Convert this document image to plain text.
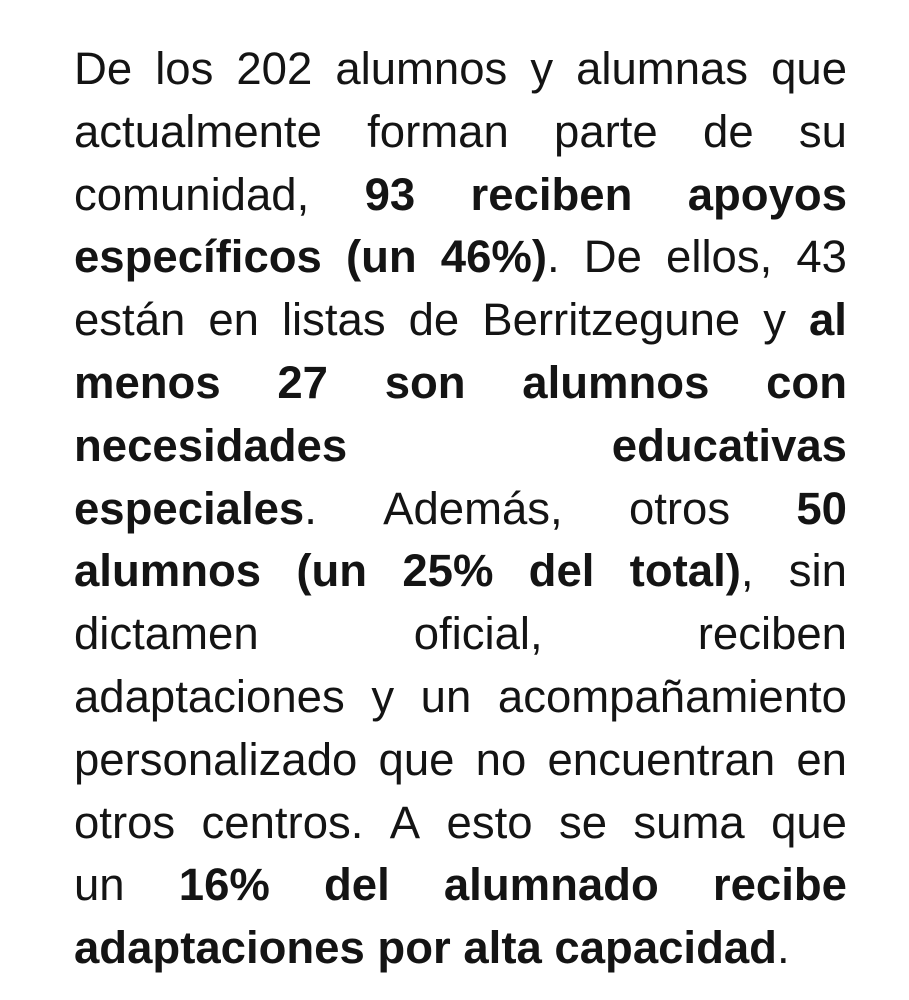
De los 202 alumnos y alumnas que
actualmente forman parte de su
comunidad, 93 reciben apoyos
específicos (un 46%). De ellos, 43
están en listas de Berritzegune y al
menos 27 son alumnos con
necesidades	educativas
especiales. Además, otros 50
alumnos (un 25% del total), sin
dictamen	oficial,	reciben
adaptaciones y un acompañamiento
personalizado que no encuentran en
otros centros. A esto se suma que
un 16% del alumnado recibe
adaptaciones por alta capacidad.
